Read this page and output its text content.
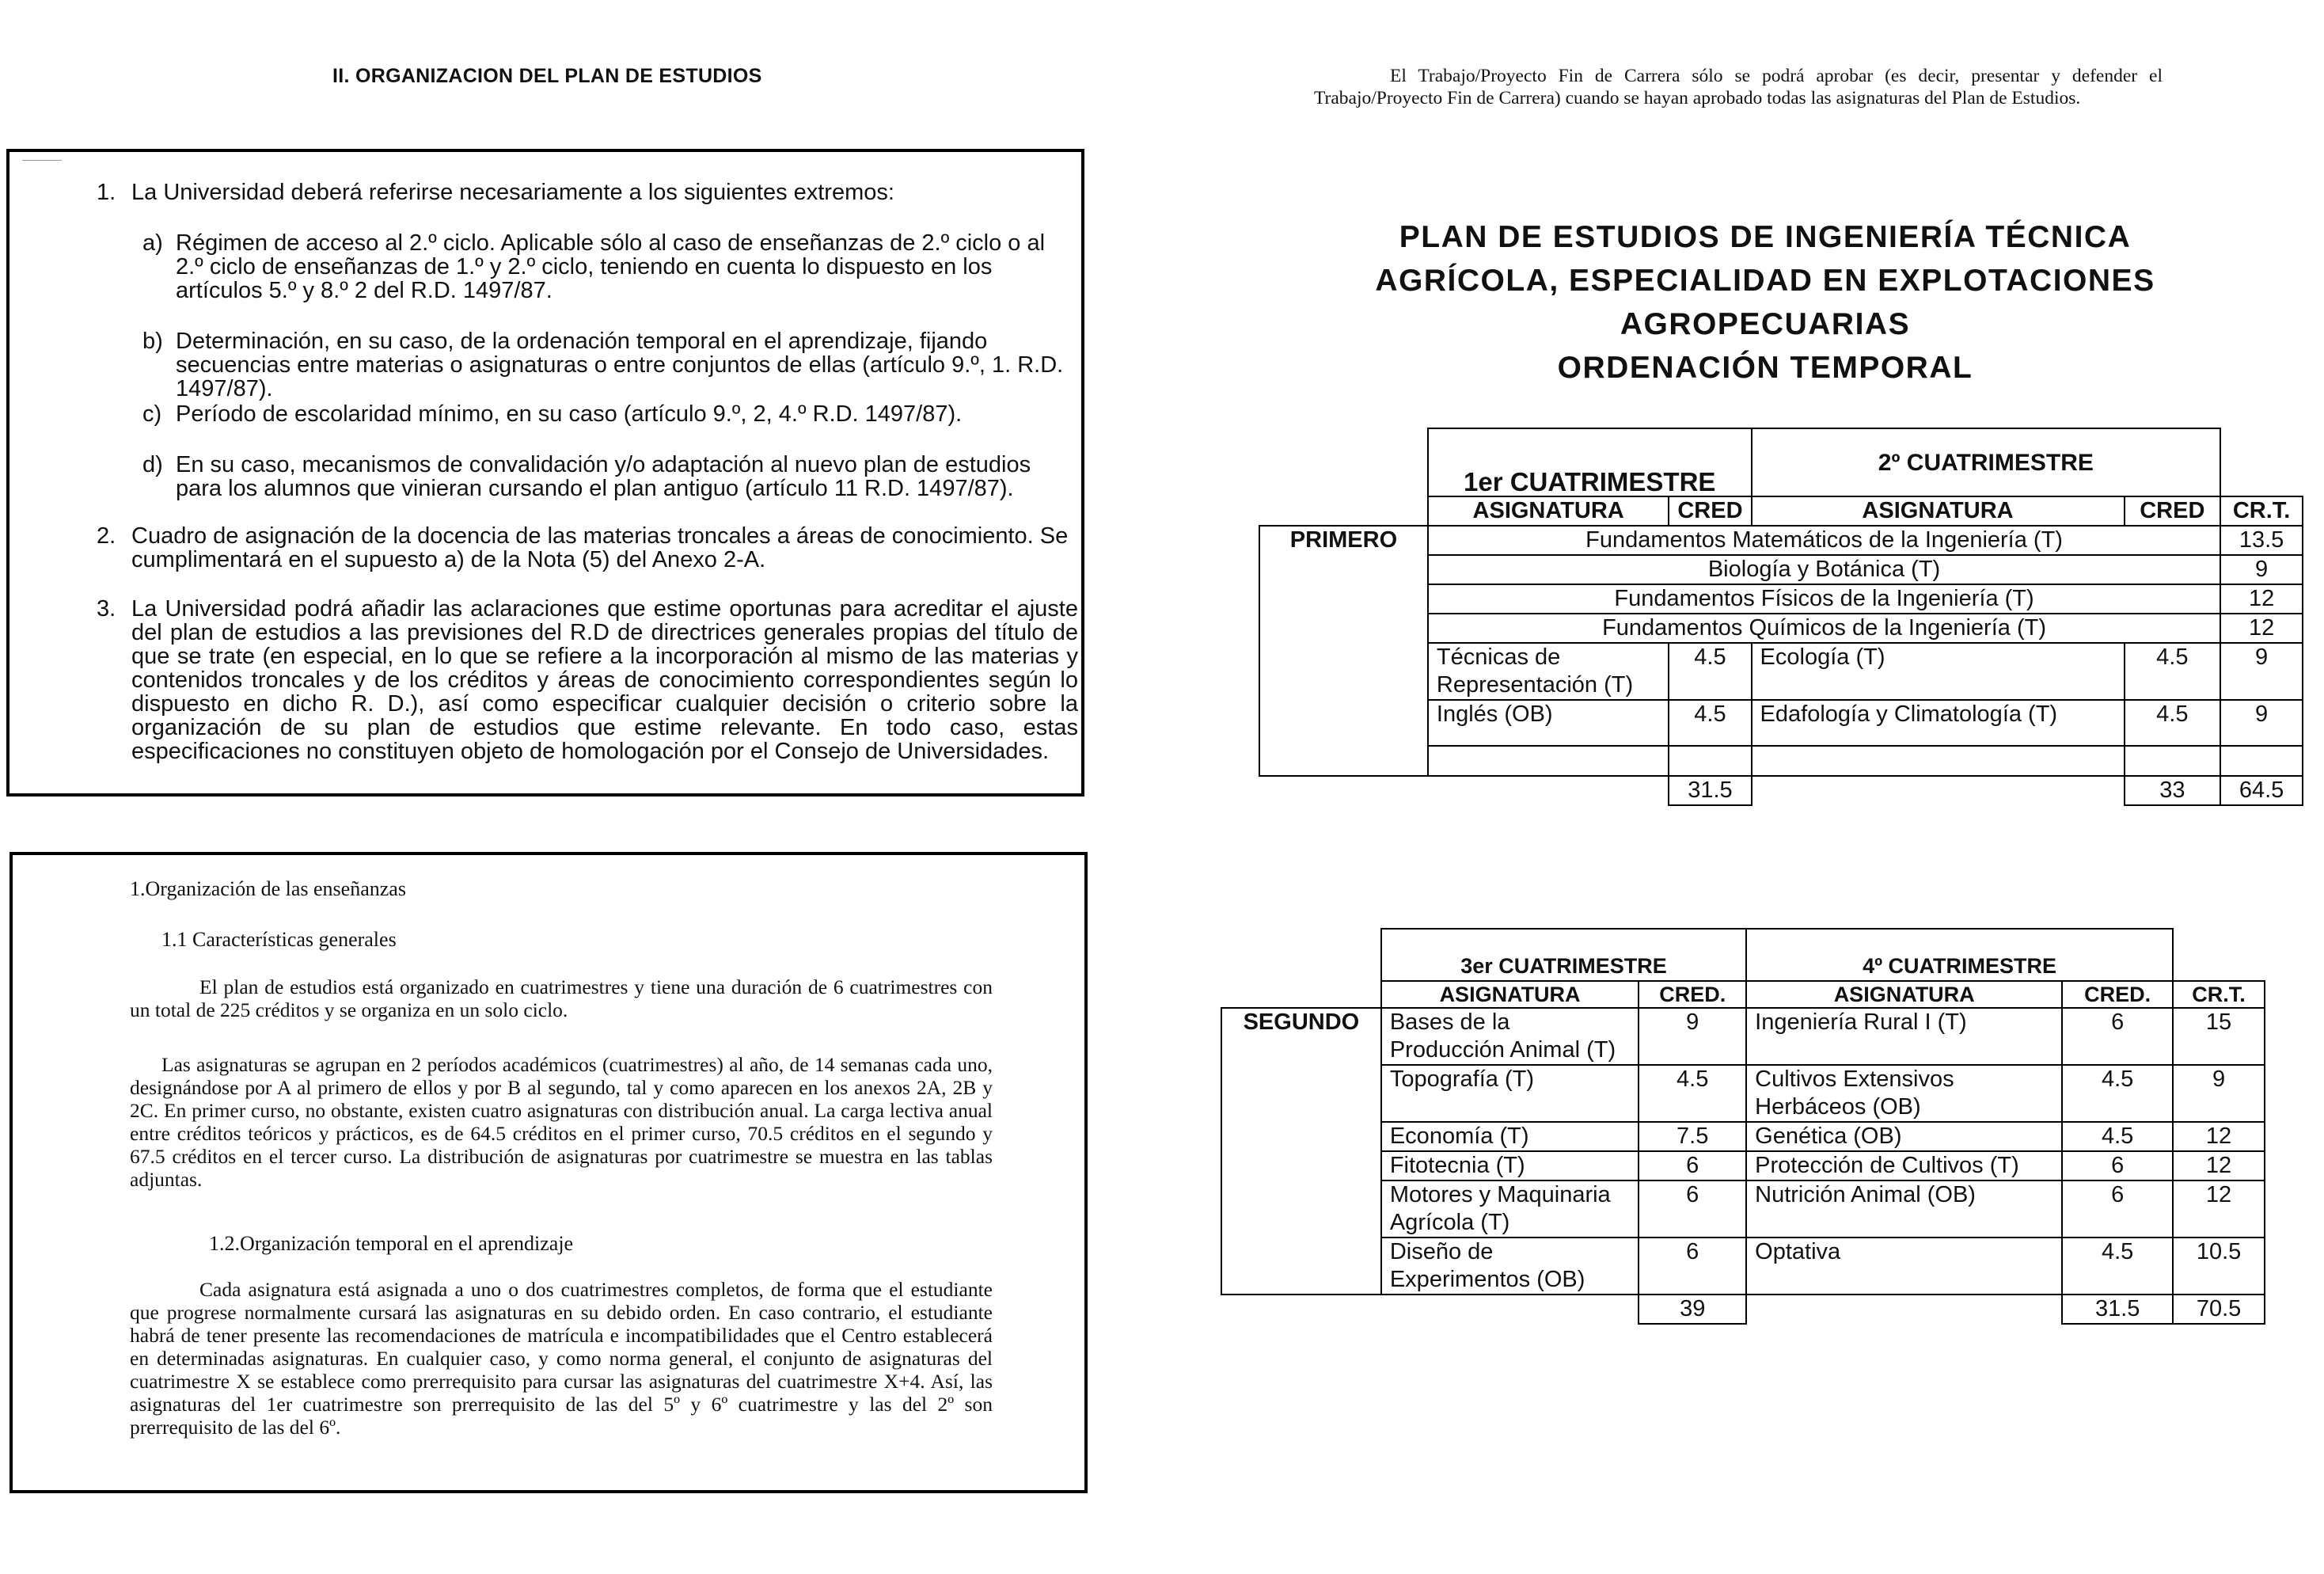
II. ORGANIZACION DEL PLAN DE ESTUDIOS
1. La Universidad deberá referirse necesariamente a los siguientes extremos:
a) Régimen de acceso al 2.º ciclo. Aplicable sólo al caso de enseñanzas de 2.º ciclo o al 2.º ciclo de enseñanzas de 1.º y 2.º ciclo, teniendo en cuenta lo dispuesto en los artículos 5.º y 8.º 2 del R.D. 1497/87.
b) Determinación, en su caso, de la ordenación temporal en el aprendizaje, fijando secuencias entre materias o asignaturas o entre conjuntos de ellas (artículo 9.º, 1. R.D. 1497/87).
c) Período de escolaridad mínimo, en su caso (artículo 9.º, 2, 4.º R.D. 1497/87).
d) En su caso, mecanismos de convalidación y/o adaptación al nuevo plan de estudios para los alumnos que vinieran cursando el plan antiguo (artículo 11 R.D. 1497/87).
2. Cuadro de asignación de la docencia de las materias troncales a áreas de conocimiento. Se cumplimentará en el supuesto a) de la Nota (5) del Anexo 2-A.
3. La Universidad podrá añadir las aclaraciones que estime oportunas para acreditar el ajuste del plan de estudios a las previsiones del R.D de directrices generales propias del título de que se trate (en especial, en lo que se refiere a la incorporación al mismo de las materias y contenidos troncales y de los créditos y áreas de conocimiento correspondientes según lo dispuesto en dicho R. D.), así como especificar cualquier decisión o criterio sobre la organización de su plan de estudios que estime relevante. En todo caso, estas especificaciones no constituyen objeto de homologación por el Consejo de Universidades.
1.Organización de las enseñanzas
1.1 Características generales
El plan de estudios está organizado en cuatrimestres y tiene una duración de 6 cuatrimestres con un total de 225 créditos y se organiza en un solo ciclo.
Las asignaturas se agrupan en 2 períodos académicos (cuatrimestres) al año, de 14 semanas cada uno, designándose por A al primero de ellos y por B al segundo, tal y como aparecen en los anexos 2A, 2B y 2C. En primer curso, no obstante, existen cuatro asignaturas con distribución anual. La carga lectiva anual entre créditos teóricos y prácticos, es de 64.5 créditos en el primer curso, 70.5 créditos en el segundo y 67.5 créditos en el tercer curso. La distribución de asignaturas por cuatrimestre se muestra en las tablas adjuntas.
1.2.Organización temporal en el aprendizaje
Cada asignatura está asignada a uno o dos cuatrimestres completos, de forma que el estudiante que progrese normalmente cursará las asignaturas en su debido orden. En caso contrario, el estudiante habrá de tener presente las recomendaciones de matrícula e incompatibilidades que el Centro establecerá en determinadas asignaturas. En cualquier caso, y como norma general, el conjunto de asignaturas del cuatrimestre X se establece como prerrequisito para cursar las asignaturas del cuatrimestre X+4. Así, las asignaturas del 1er cuatrimestre son prerrequisito de las del 5º y 6º cuatrimestre y las del 2º son prerrequisito de las del 6º.
El Trabajo/Proyecto Fin de Carrera sólo se podrá aprobar (es decir, presentar y defender el Trabajo/Proyecto Fin de Carrera) cuando se hayan aprobado todas las asignaturas del Plan de Estudios.
PLAN DE ESTUDIOS DE INGENIERÍA TÉCNICA
AGRÍCOLA, ESPECIALIDAD EN EXPLOTACIONES
AGROPECUARIAS
ORDENACIÓN TEMPORAL
	1er CUATRIMESTRE		2º CUATRIMESTRE		
	ASIGNATURA	CRED	ASIGNATURA	CRED	CR.T.
PRIMERO	Fundamentos Matemáticos de la Ingeniería (T)				13.5
	Biología y Botánica (T)				9
	Fundamentos Físicos de la Ingeniería (T)				12
	Fundamentos Químicos de la Ingeniería (T)				12
	Técnicas de Representación (T)	4.5	Ecología (T)	4.5	9
	Inglés (OB)	4.5	Edafología y Climatología (T)	4.5	9

		31.5		33	64.5
	3er CUATRIMESTRE		4º CUATRIMESTRE		
	ASIGNATURA	CRED.	ASIGNATURA	CRED.	CR.T.
SEGUNDO	Bases de la Producción Animal (T)	9	Ingeniería Rural I (T)	6	15
	Topografía (T)	4.5	Cultivos Extensivos Herbáceos (OB)	4.5	9
	Economía (T)	7.5	Genética (OB)	4.5	12
	Fitotecnia (T)	6	Protección de Cultivos (T)	6	12
	Motores y Maquinaria Agrícola (T)	6	Nutrición Animal (OB)	6	12
	Diseño de Experimentos (OB)	6	Optativa	4.5	10.5
		39		31.5	70.5
